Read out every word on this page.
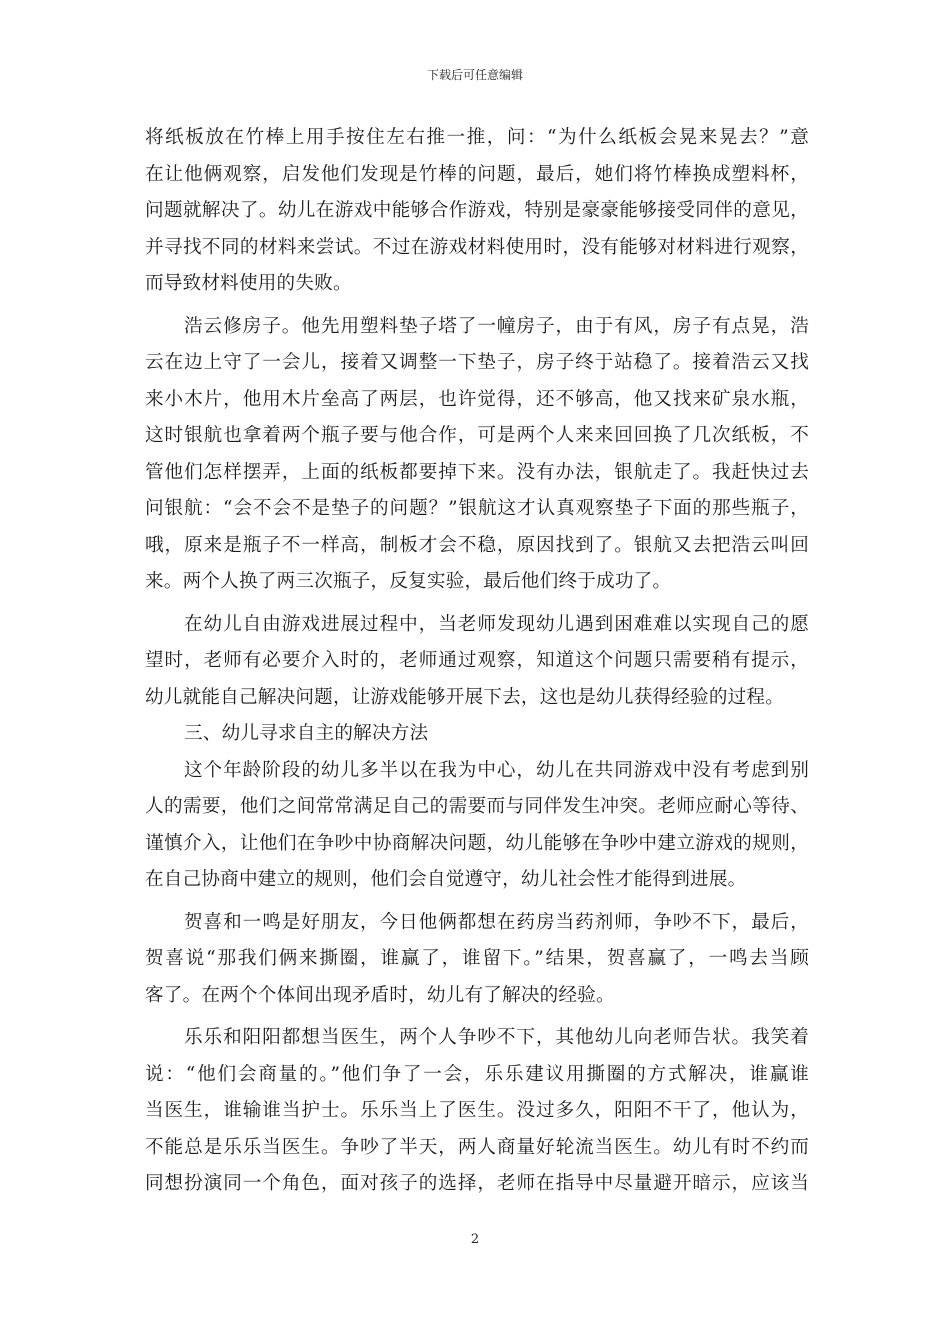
下载后可任意编辑
将纸板放在竹棒上用手按住左右推一推，问：“为什么纸板会晃来晃去？”意
在让他俩观察，启发他们发现是竹棒的问题，最后，她们将竹棒换成塑料杯，
问题就解决了。幼儿在游戏中能够合作游戏，特别是豪豪能够接受同伴的意见，
并寻找不同的材料来尝试。不过在游戏材料使用时，没有能够对材料进行观察，
而导致材料使用的失败。
浩云修房子。他先用塑料垫子塔了一幢房子，由于有风，房子有点晃，浩
云在边上守了一会儿，接着又调整一下垫子，房子终于站稳了。接着浩云又找
来小木片，他用木片垒高了两层，也许觉得，还不够高，他又找来矿泉水瓶，
这时银航也拿着两个瓶子要与他合作，可是两个人来来回回换了几次纸板，不
管他们怎样摆弄，上面的纸板都要掉下来。没有办法，银航走了。我赶快过去
问银航：“会不会不是垫子的问题？”银航这才认真观察垫子下面的那些瓶子，
哦，原来是瓶子不一样高，制板才会不稳，原因找到了。银航又去把浩云叫回
来。两个人换了两三次瓶子，反复实验，最后他们终于成功了。
在幼儿自由游戏进展过程中，当老师发现幼儿遇到困难难以实现自己的愿
望时，老师有必要介入时的，老师通过观察，知道这个问题只需要稍有提示，
幼儿就能自己解决问题，让游戏能够开展下去，这也是幼儿获得经验的过程。
三、幼儿寻求自主的解决方法
这个年龄阶段的幼儿多半以在我为中心，幼儿在共同游戏中没有考虑到别
人的需要，他们之间常常满足自己的需要而与同伴发生冲突。老师应耐心等待、
谨慎介入，让他们在争吵中协商解决问题，幼儿能够在争吵中建立游戏的规则，
在自己协商中建立的规则，他们会自觉遵守，幼儿社会性才能得到进展。
贺喜和一鸣是好朋友，今日他俩都想在药房当药剂师，争吵不下，最后，
贺喜说“那我们俩来撕圈，谁赢了，谁留下。”结果，贺喜赢了，一鸣去当顾
客了。在两个个体间出现矛盾时，幼儿有了解决的经验。
乐乐和阳阳都想当医生，两个人争吵不下，其他幼儿向老师告状。我笑着
说：“他们会商量的。”他们争了一会，乐乐建议用撕圈的方式解决，谁赢谁
当医生，谁输谁当护士。乐乐当上了医生。没过多久，阳阳不干了，他认为，
不能总是乐乐当医生。争吵了半天，两人商量好轮流当医生。幼儿有时不约而
同想扮演同一个角色，面对孩子的选择，老师在指导中尽量避开暗示，应该当
2
